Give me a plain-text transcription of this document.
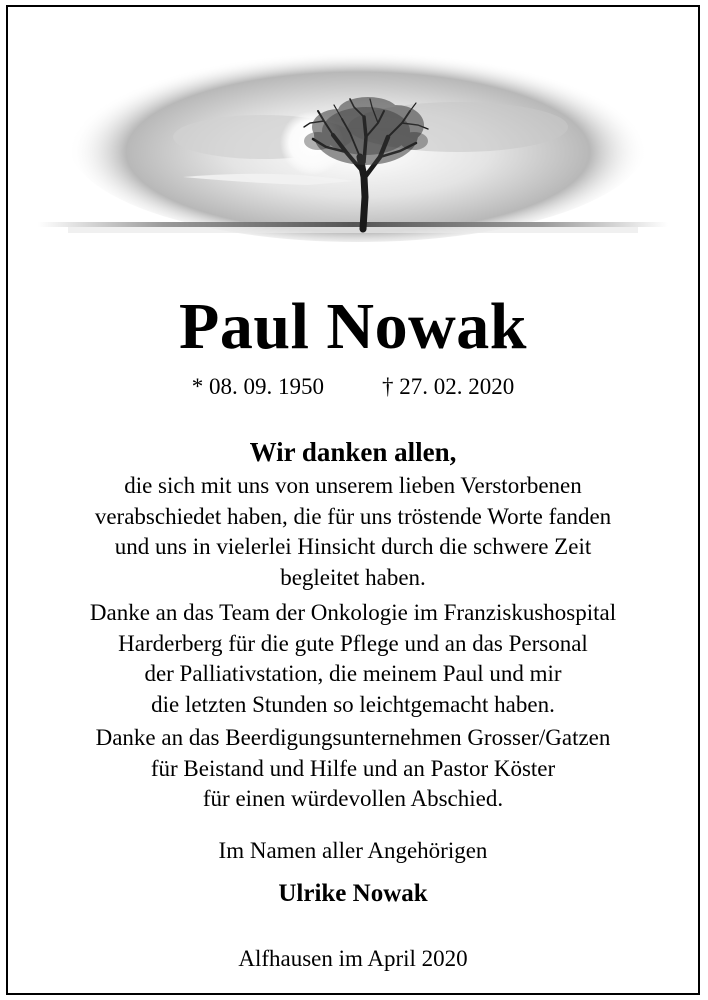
Paul Nowak
* 08. 09. 1950	† 27. 02. 2020
Wir danken allen,
die sich mit uns von unserem lieben Verstorbenen
verabschiedet haben, die für uns tröstende Worte fanden
und uns in vielerlei Hinsicht durch die schwere Zeit
begleitet haben.
Danke an das Team der Onkologie im Franziskushospital
Harderberg für die gute Pflege und an das Personal
der Palliativstation, die meinem Paul und mir
die letzten Stunden so leichtgemacht haben.
Danke an das Beerdigungsunternehmen Grosser/Gatzen
für Beistand und Hilfe und an Pastor Köster
für einen würdevollen Abschied.
Im Namen aller Angehörigen
Ulrike Nowak
Alfhausen im April 2020
